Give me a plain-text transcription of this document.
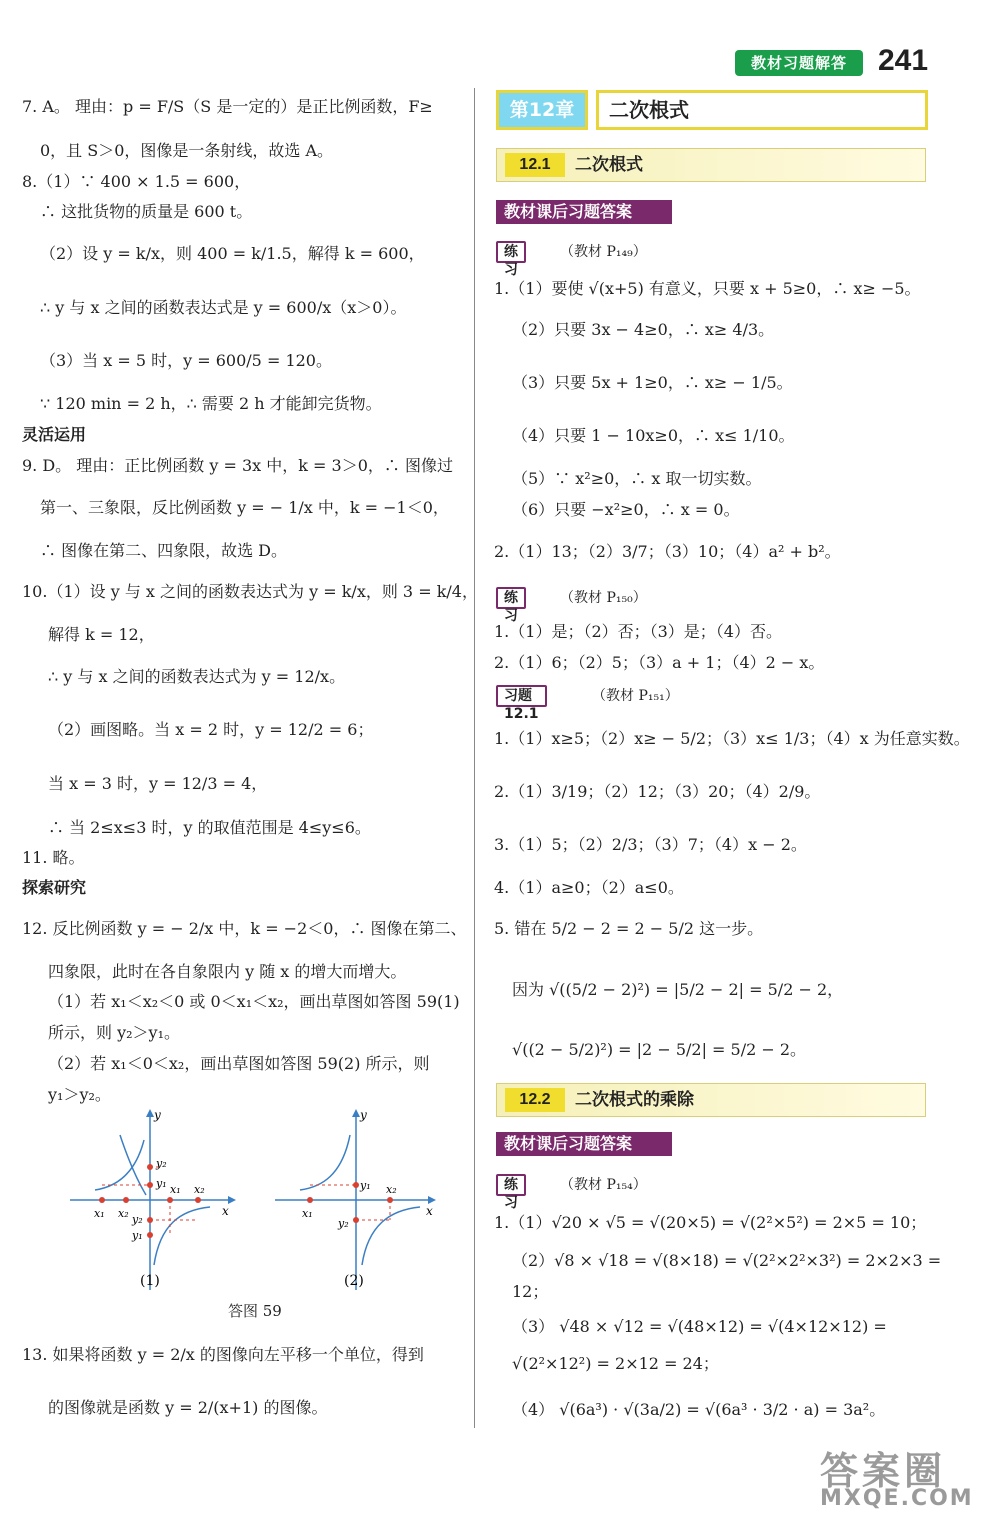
教材习题解答	241
7. A。 理由：p = F/S（S 是一定的）是正比例函数，F≥
0，且 S＞0，图像是一条射线，故选 A。
8.（1）∵ 400 × 1.5 = 600，
∴ 这批货物的质量是 600 t。
（2）设 y = k/x，则 400 = k/1.5，解得 k = 600，
∴ y 与 x 之间的函数表达式是 y = 600/x（x＞0）。
（3）当 x = 5 时，y = 600/5 = 120。
∵ 120 min = 2 h，∴ 需要 2 h 才能卸完货物。
灵活运用
9. D。 理由：正比例函数 y = 3x 中，k = 3＞0，∴ 图像过
第一、三象限，反比例函数 y = − 1/x 中，k = −1＜0，
∴ 图像在第二、四象限，故选 D。
10.（1）设 y 与 x 之间的函数表达式为 y = k/x，则 3 = k/4，
解得 k = 12，
∴ y 与 x 之间的函数表达式为 y = 12/x。
（2）画图略。当 x = 2 时，y = 12/2 = 6；
当 x = 3 时，y = 12/3 = 4，
∴ 当 2≤x≤3 时，y 的取值范围是 4≤y≤6。
11. 略。
探索研究
12. 反比例函数 y = − 2/x 中，k = −2＜0，∴ 图像在第二、
四象限，此时在各自象限内 y 随 x 的增大而增大。
（1）若 x₁＜x₂＜0 或 0＜x₁＜x₂，画出草图如答图 59(1)
所示，则 y₂＞y₁。
（2）若 x₁＜0＜x₂，画出草图如答图 59(2) 所示，则
y₁＞y₂。
y
x
x₁ x₂
y₂
y₁ x₁ x₂
y₂
y₁
(1)
y
x
y₁ x₂
x₁
y₂
(2)
答图 59
13. 如果将函数 y = 2/x 的图像向左平移一个单位，得到
的图像就是函数 y = 2/(x+1) 的图像。
第12章	二次根式
12.1	二次根式
教材课后习题答案
练习
（教材 P₁₄₉）
1.（1）要使 √(x+5) 有意义，只要 x + 5≥0，∴ x≥ −5。
（2）只要 3x − 4≥0，∴ x≥ 4/3。
（3）只要 5x + 1≥0，∴ x≥ − 1/5。
（4）只要 1 − 10x≥0，∴ x≤ 1/10。
（5）∵ x²≥0，∴ x 取一切实数。
（6）只要 −x²≥0，∴ x = 0。
2.（1）13；（2）3/7；（3）10；（4）a² + b²。
练习
（教材 P₁₅₀）
1.（1）是；（2）否；（3）是；（4）否。
2.（1）6；（2）5；（3）a + 1；（4）2 − x。
习题12.1
（教材 P₁₅₁）
1.（1）x≥5；（2）x≥ − 5/2；（3）x≤ 1/3；（4）x 为任意实数。
2.（1）3/19；（2）12；（3）20；（4）2/9。
3.（1）5；（2）2/3；（3）7；（4）x − 2。
4.（1）a≥0；（2）a≤0。
5. 错在 5/2 − 2 = 2 − 5/2 这一步。
因为 √((5/2 − 2)²) = |5/2 − 2| = 5/2 − 2，
√((2 − 5/2)²) = |2 − 5/2| = 5/2 − 2。
12.2	二次根式的乘除
教材课后习题答案
练习
（教材 P₁₅₄）
1.（1）√20 × √5 = √(20×5) = √(2²×5²) = 2×5 = 10；
（2）√8 × √18 = √(8×18) = √(2²×2²×3²) = 2×2×3 =
12；
（3） √48 × √12 = √(48×12) = √(4×12×12) =
√(2²×12²) = 2×12 = 24；
（4） √(6a³) · √(3a/2) = √(6a³ · 3/2 · a) = 3a²。
答案圈
MXQE.COM
